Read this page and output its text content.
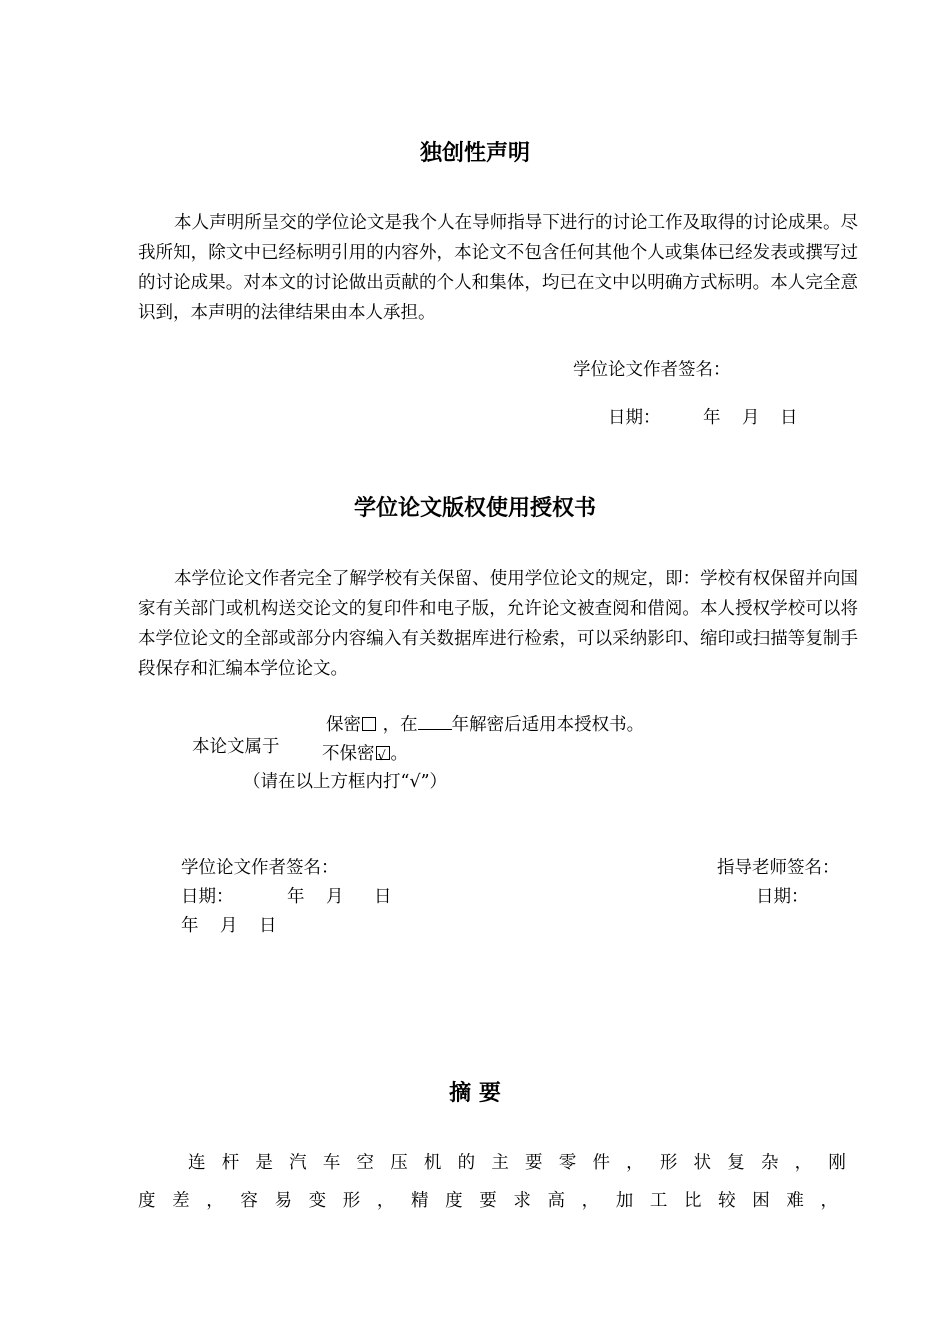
独创性声明
本人声明所呈交的学位论文是我个人在导师指导下进行的讨论工作及取得的讨论成果。尽我所知，除文中已经标明引用的内容外，本论文不包含任何其他个人或集体已经发表或撰写过的讨论成果。对本文的讨论做出贡献的个人和集体，均已在文中以明确方式标明。本人完全意识到，本声明的法律结果由本人承担。
学位论文作者签名：
日期： 年 月 日
学位论文版权使用授权书
本学位论文作者完全了解学校有关保留、使用学位论文的规定，即：学校有权保留并向国家有关部门或机构送交论文的复印件和电子版，允许论文被查阅和借阅。本人授权学校可以将本学位论文的全部或部分内容编入有关数据库进行检索，可以采纳影印、缩印或扫描等复制手段保存和汇编本学位论文。
本论文属于
保密 ，在 年解密后适用本授权书。
不保密 √ 。
（请在以上方框内打“√”）
学位论文作者签名：	指导老师签名：
日期：	年 月 日	日期：
年 月 日
摘 要
连 杆 是 汽 车 空 压 机 的 主 要 零 件 ， 形 状 复 杂 ， 刚
度 差 ， 容 易 变 形 ， 精 度 要 求 高 ， 加 工 比 较 困 难 ，
